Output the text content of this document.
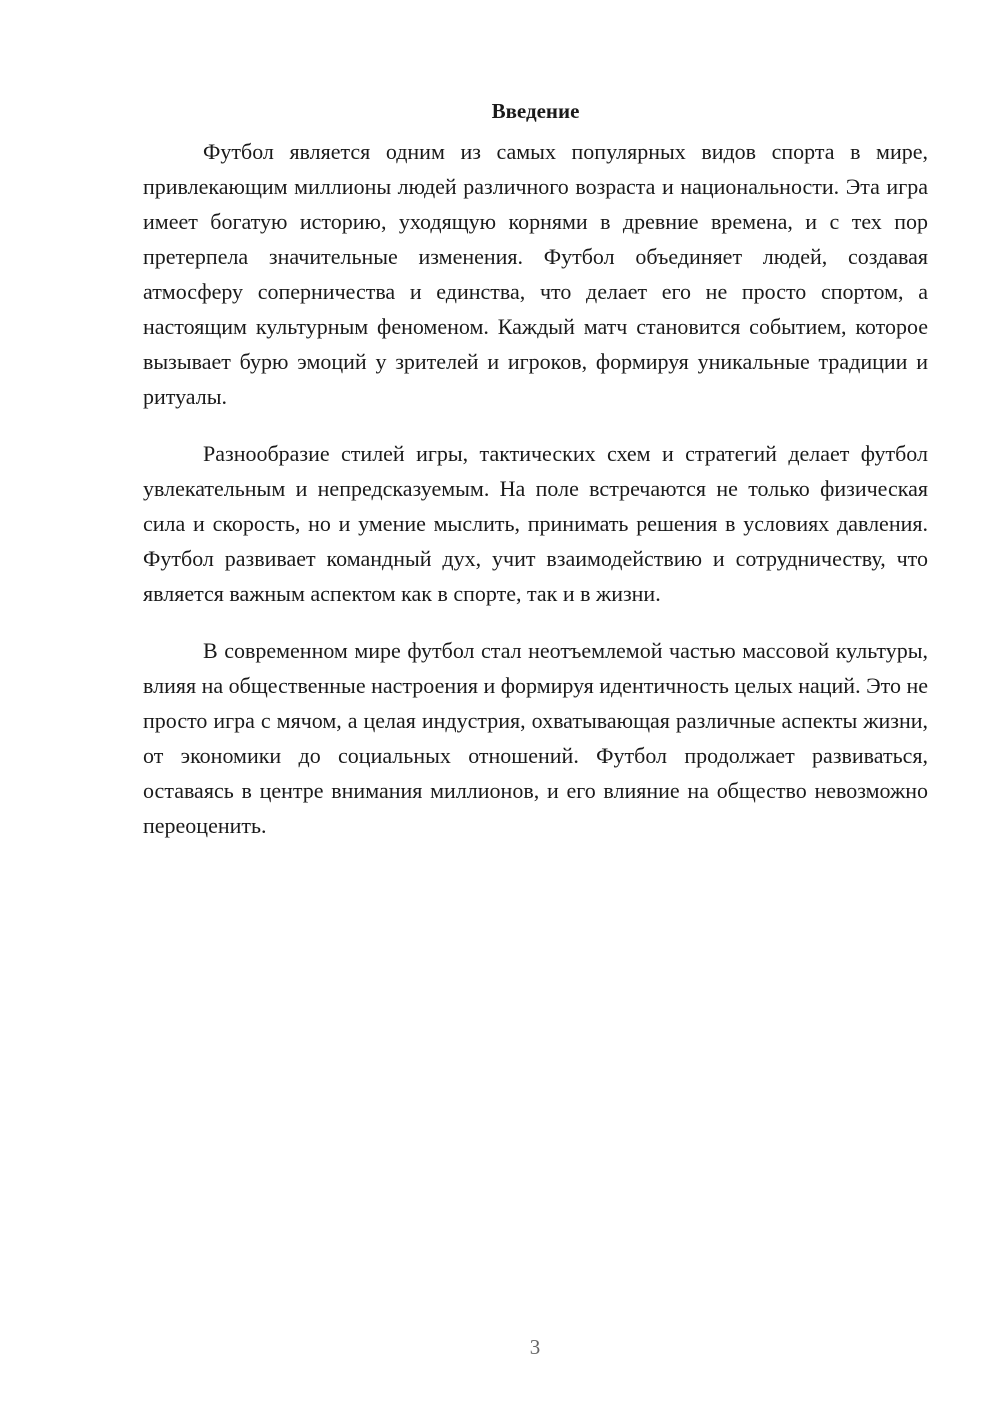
Введение

Футбол является одним из самых популярных видов спорта в мире, привлекающим миллионы людей различного возраста и национальности. Эта игра имеет богатую историю, уходящую корнями в древние времена, и с тех пор претерпела значительные изменения. Футбол объединяет людей, создавая атмосферу соперничества и единства, что делает его не просто спортом, а настоящим культурным феноменом. Каждый матч становится событием, которое вызывает бурю эмоций у зрителей и игроков, формируя уникальные традиции и ритуалы.

Разнообразие стилей игры, тактических схем и стратегий делает футбол увлекательным и непредсказуемым. На поле встречаются не только физическая сила и скорость, но и умение мыслить, принимать решения в условиях давления. Футбол развивает командный дух, учит взаимодействию и сотрудничеству, что является важным аспектом как в спорте, так и в жизни.

В современном мире футбол стал неотъемлемой частью массовой культуры, влияя на общественные настроения и формируя идентичность целых наций. Это не просто игра с мячом, а целая индустрия, охватывающая различные аспекты жизни, от экономики до социальных отношений. Футбол продолжает развиваться, оставаясь в центре внимания миллионов, и его влияние на общество невозможно переоценить.

3
